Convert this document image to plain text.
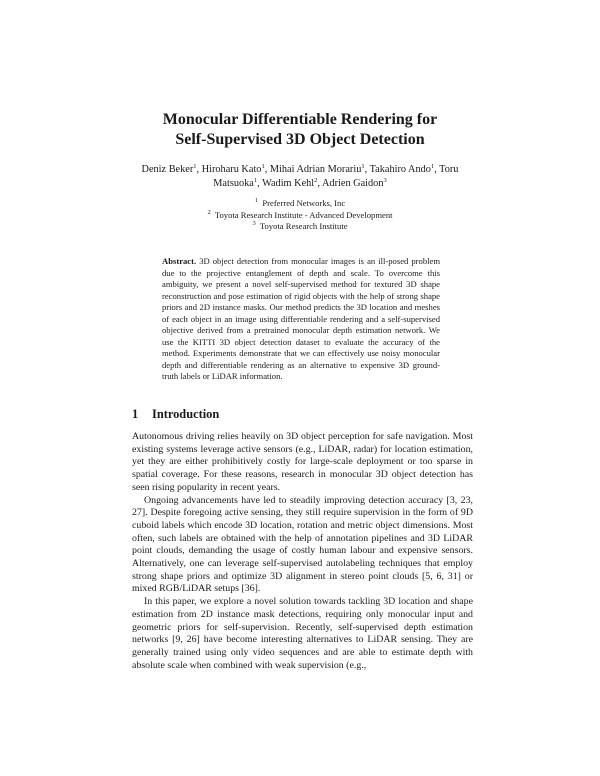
Monocular Differentiable Rendering for
Self-Supervised 3D Object Detection
Deniz Beker$^1$, Hiroharu Kato$^1$, Mihai Adrian Morariu$^1$, Takahiro Ando$^1$, Toru Matsuoka$^1$, Wadim Kehl$^2$, Adrien Gaidon$^3$
$^1$ Preferred Networks, Inc
$^2$ Toyota Research Institute - Advanced Development
$^3$ Toyota Research Institute
Abstract. 3D object detection from monocular images is an ill-posed problem due to the projective entanglement of depth and scale. To overcome this ambiguity, we present a novel self-supervised method for textured 3D shape reconstruction and pose estimation of rigid objects with the help of strong shape priors and 2D instance masks. Our method predicts the 3D location and meshes of each object in an image using differentiable rendering and a self-supervised objective derived from a pretrained monocular depth estimation network. We use the KITTI 3D object detection dataset to evaluate the accuracy of the method. Experiments demonstrate that we can effectively use noisy monocular depth and differentiable rendering as an alternative to expensive 3D ground-truth labels or LiDAR information.
1 Introduction

Autonomous driving relies heavily on 3D object perception for safe navigation. Most existing systems leverage active sensors (e.g., LiDAR, radar) for location estimation, yet they are either prohibitively costly for large-scale deployment or too sparse in spatial coverage. For these reasons, research in monocular 3D object detection has seen rising popularity in recent years.

Ongoing advancements have led to steadily improving detection accuracy [3, 23, 27]. Despite foregoing active sensing, they still require supervision in the form of 9D cuboid labels which encode 3D location, rotation and metric object dimensions. Most often, such labels are obtained with the help of annotation pipelines and 3D LiDAR point clouds, demanding the usage of costly human labour and expensive sensors. Alternatively, one can leverage self-supervised autolabeling techniques that employ strong shape priors and optimize 3D alignment in stereo point clouds [5, 6, 31] or mixed RGB/LiDAR setups [36].

In this paper, we explore a novel solution towards tackling 3D location and shape estimation from 2D instance mask detections, requiring only monocular input and geometric priors for self-supervision. Recently, self-supervised depth estimation networks [9, 26] have become interesting alternatives to LiDAR sensing. They are generally trained using only video sequences and are able to estimate depth with absolute scale when combined with weak supervision (e.g.,
